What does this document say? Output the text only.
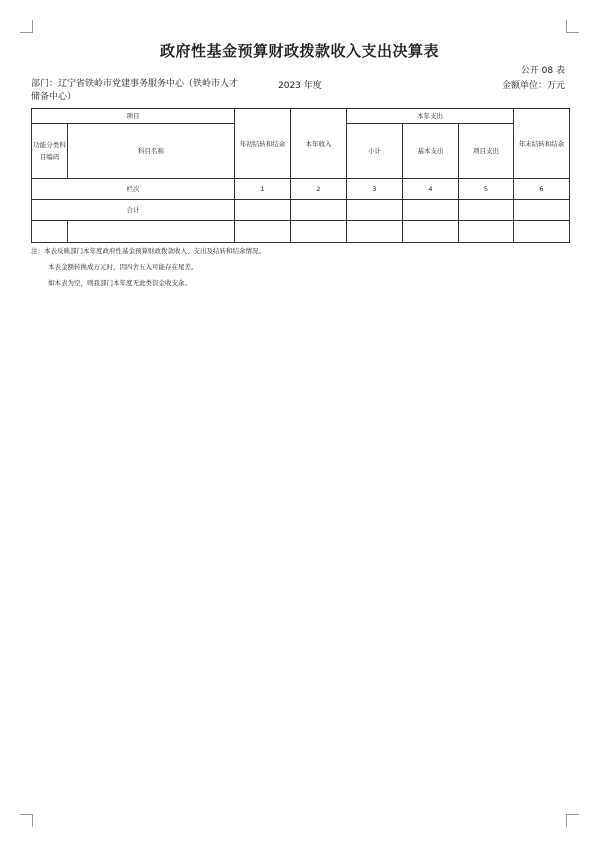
政府性基金预算财政拨款收入支出决算表
公开 08 表
部门：辽宁省铁岭市党建事务服务中心（铁岭市人才储备中心）
2023 年度	金额单位：万元
项目		年初结转和结余	本年收入	本年支出			年末结转和结余
功能分类科目编码	科目名称			小计	基本支出	项目支出	
栏次		1	2	3	4	5	6
合计							

注：本表反映部门本年度政府性基金预算财政拨款收入、支出及结转和结余情况。
本表金额转换成万元时，因四舍五入可能存在尾差。
如本表为空，则我部门本年度无此类资金收支余。
